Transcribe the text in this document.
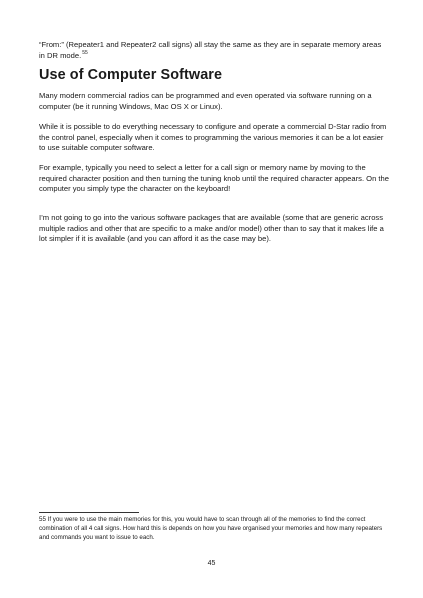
“From:” (Repeater1 and Repeater2 call signs) all stay the same as they are in separate memory areas in DR mode.$^{55}$

Use of Computer Software

Many modern commercial radios can be programmed and even operated via software running on a computer (be it running Windows, Mac OS X or Linux).

While it is possible to do everything necessary to configure and operate a commercial D-Star radio from the control panel, especially when it comes to programming the various memories it can be a lot easier to use suitable computer software.

For example, typically you need to select a letter for a call sign or memory name by moving to the required character position and then turning the tuning knob until the required character appears. On the computer you simply type the character on the keyboard!

I’m not going to go into the various software packages that are available (some that are generic across multiple radios and other that are specific to a make and/or model) other than to say that it makes life a lot simpler if it is available (and you can afford it as the case may be).

55 If you were to use the main memories for this, you would have to scan through all of the memories to find the correct combination of all 4 call signs. How hard this is depends on how you have organised your memories and how many repeaters and commands you want to issue to each.

45
